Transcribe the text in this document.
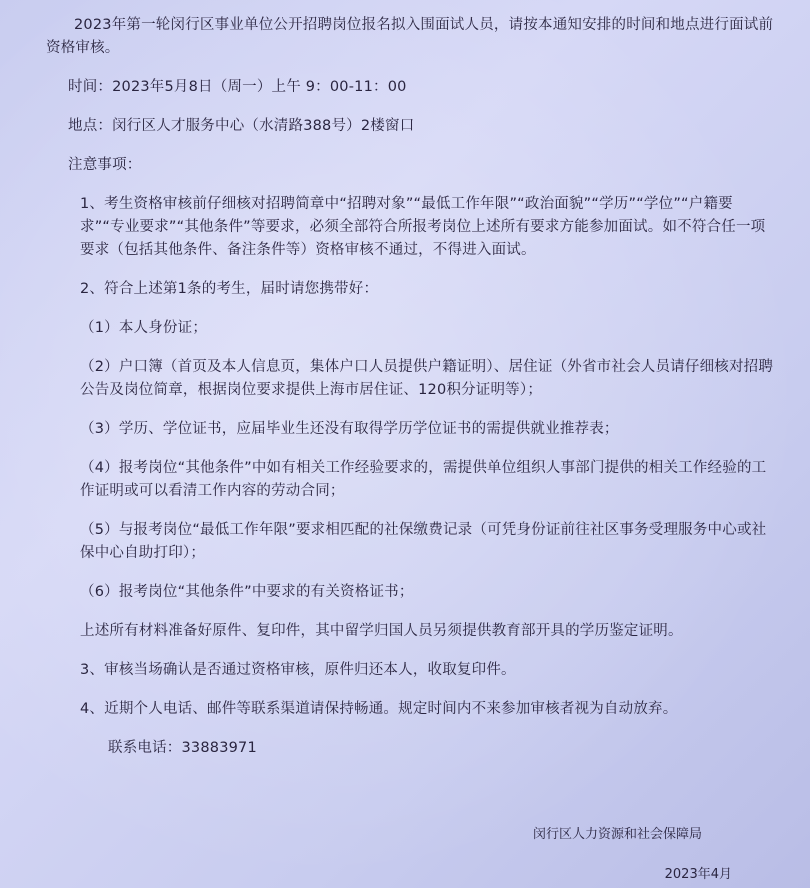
2023年第一轮闵行区事业单位公开招聘岗位报名拟入围面试人员，请按本通知安排的时间和地点进行面试前资格审核。

时间：2023年5月8日（周一）上午 9：00-11：00

地点：闵行区人才服务中心（水清路388号）2楼窗口

注意事项：

1、考生资格审核前仔细核对招聘简章中“招聘对象”“最低工作年限”“政治面貌”“学历”“学位”“户籍要求”“专业要求”“其他条件”等要求，必须全部符合所报考岗位上述所有要求方能参加面试。如不符合任一项要求（包括其他条件、备注条件等）资格审核不通过，不得进入面试。

2、符合上述第1条的考生，届时请您携带好：

（1）本人身份证；

（2）户口簿（首页及本人信息页，集体户口人员提供户籍证明）、居住证（外省市社会人员请仔细核对招聘公告及岗位简章，根据岗位要求提供上海市居住证、120积分证明等）；

（3）学历、学位证书，应届毕业生还没有取得学历学位证书的需提供就业推荐表；

（4）报考岗位“其他条件”中如有相关工作经验要求的，需提供单位组织人事部门提供的相关工作经验的工作证明或可以看清工作内容的劳动合同；

（5）与报考岗位“最低工作年限”要求相匹配的社保缴费记录（可凭身份证前往社区事务受理服务中心或社保中心自助打印）；

（6）报考岗位“其他条件”中要求的有关资格证书；

上述所有材料准备好原件、复印件，其中留学归国人员另须提供教育部开具的学历鉴定证明。

3、审核当场确认是否通过资格审核，原件归还本人，收取复印件。

4、近期个人电话、邮件等联系渠道请保持畅通。规定时间内不来参加审核者视为自动放弃。

联系电话：33883971

闵行区人力资源和社会保障局
2023年4月
